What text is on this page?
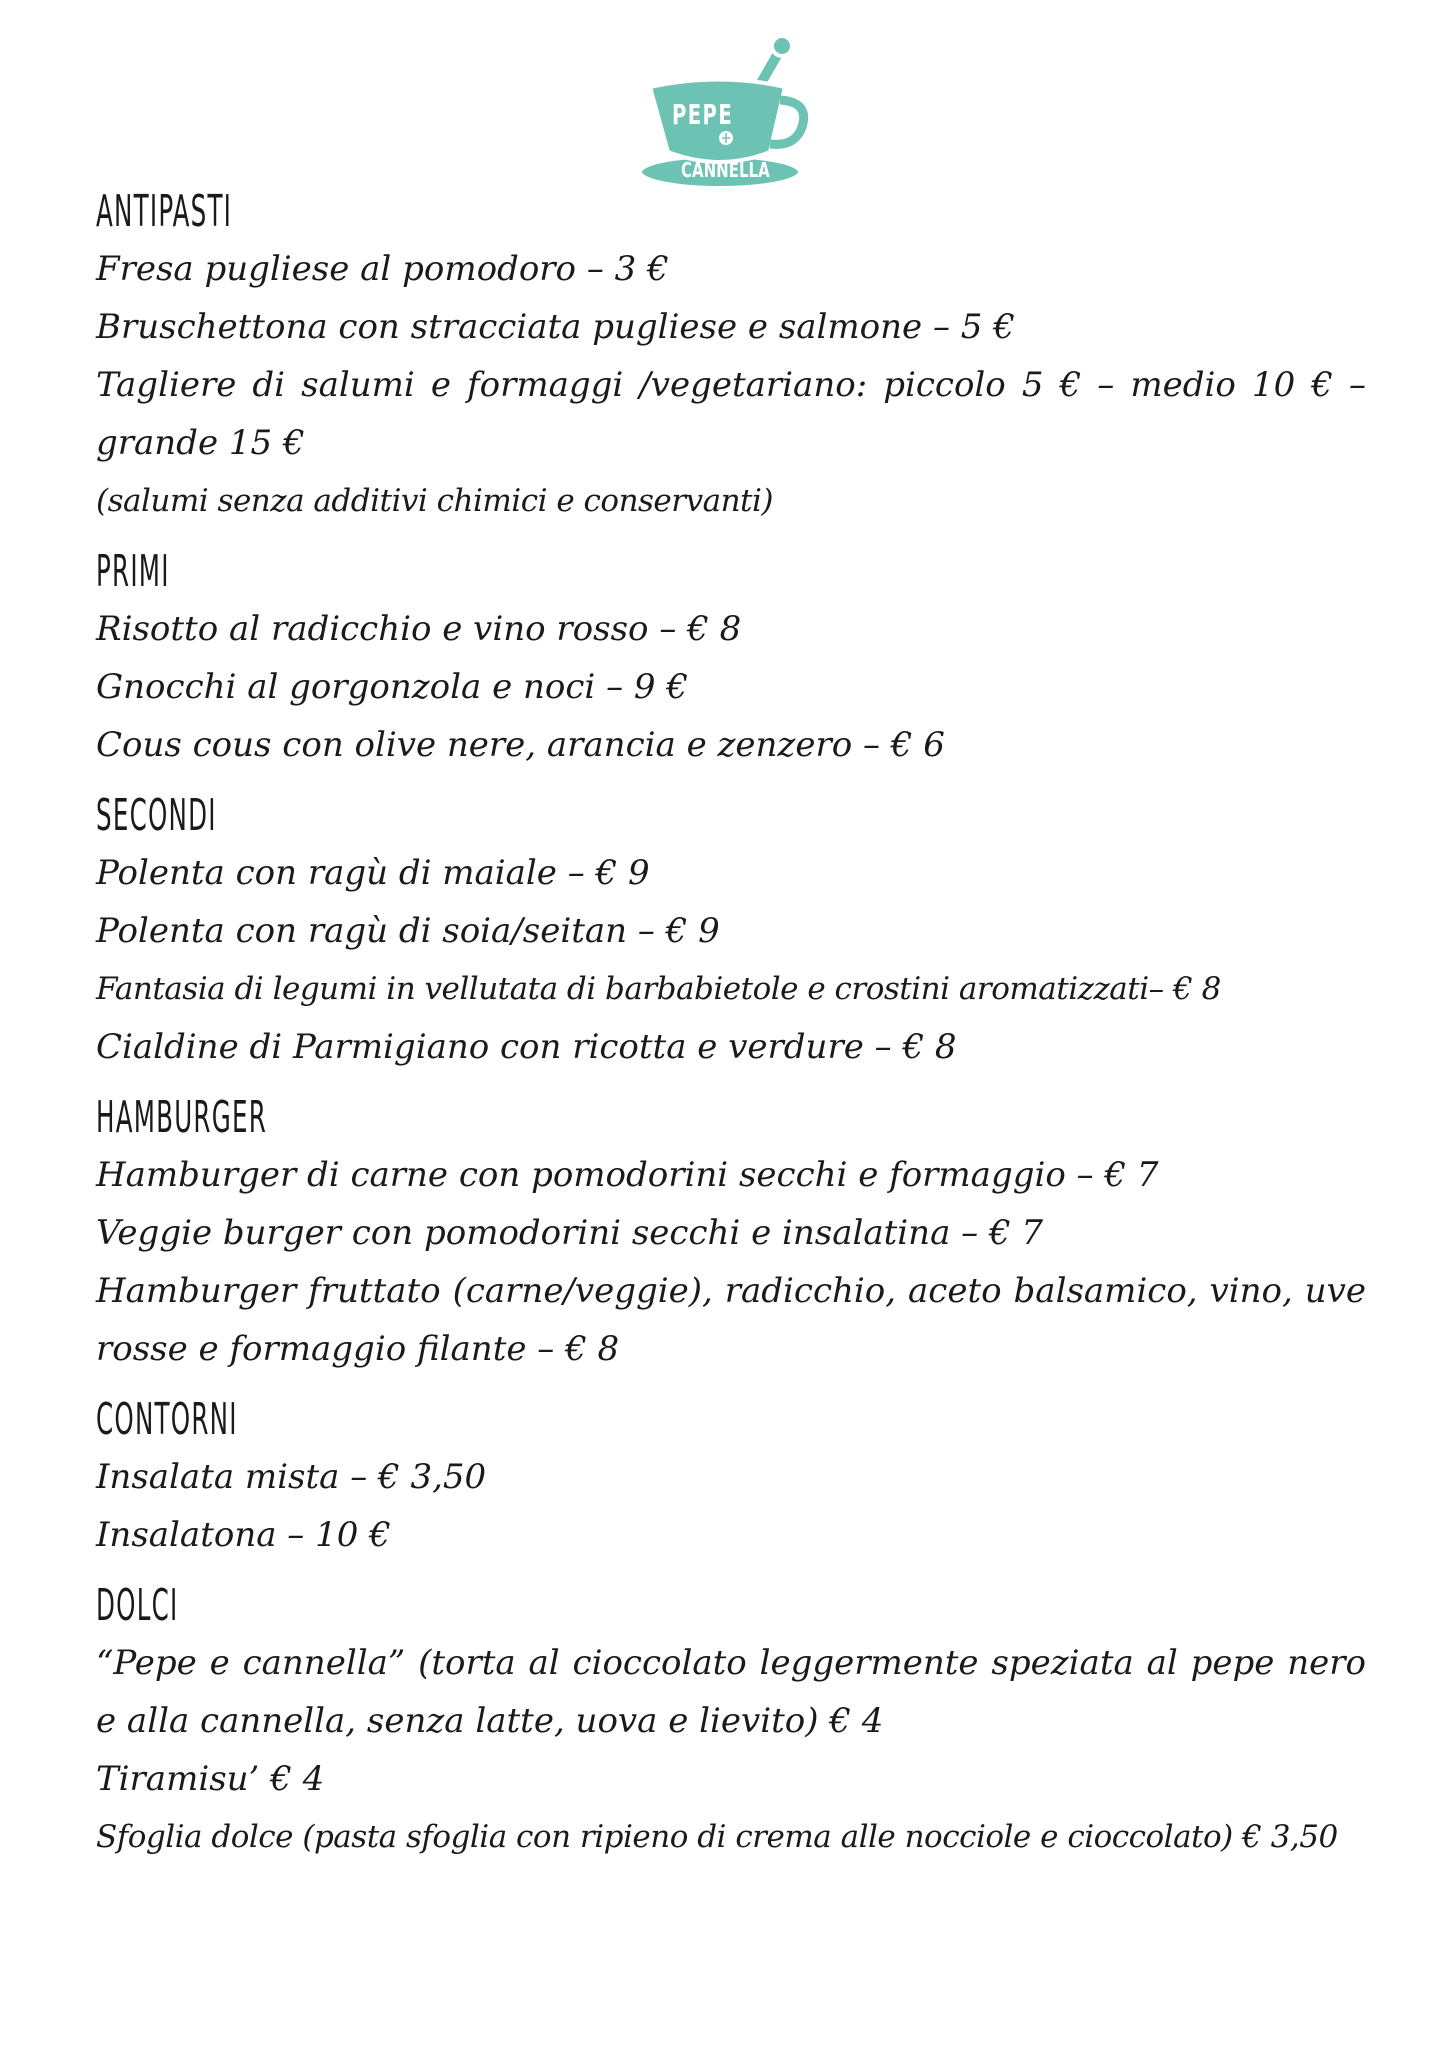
PEPE
CANNELLA
ANTIPASTI
Fresa pugliese al pomodoro – 3 €
Bruschettona con stracciata pugliese e salmone – 5 €
Tagliere di salumi e formaggi /vegetariano: piccolo 5 € – medio 10 € – grande 15 €
(salumi senza additivi chimici e conservanti)
PRIMI
Risotto al radicchio e vino rosso – € 8
Gnocchi al gorgonzola e noci – 9 €
Cous cous con olive nere, arancia e zenzero – € 6
SECONDI
Polenta con ragù di maiale – € 9
Polenta con ragù di soia/seitan – € 9
Fantasia di legumi in vellutata di barbabietole e crostini aromatizzati– € 8
Cialdine di Parmigiano con ricotta e verdure – € 8
HAMBURGER
Hamburger di carne con pomodorini secchi e formaggio – € 7
Veggie burger con pomodorini secchi e insalatina – € 7
Hamburger fruttato (carne/veggie), radicchio, aceto balsamico, vino, uve rosse e formaggio filante – € 8
CONTORNI
Insalata mista – € 3,50
Insalatona – 10 €
DOLCI
“Pepe e cannella” (torta al cioccolato leggermente speziata al pepe nero e alla cannella, senza latte, uova e lievito) € 4
Tiramisu’ € 4
Sfoglia dolce (pasta sfoglia con ripieno di crema alle nocciole e cioccolato) € 3,50
